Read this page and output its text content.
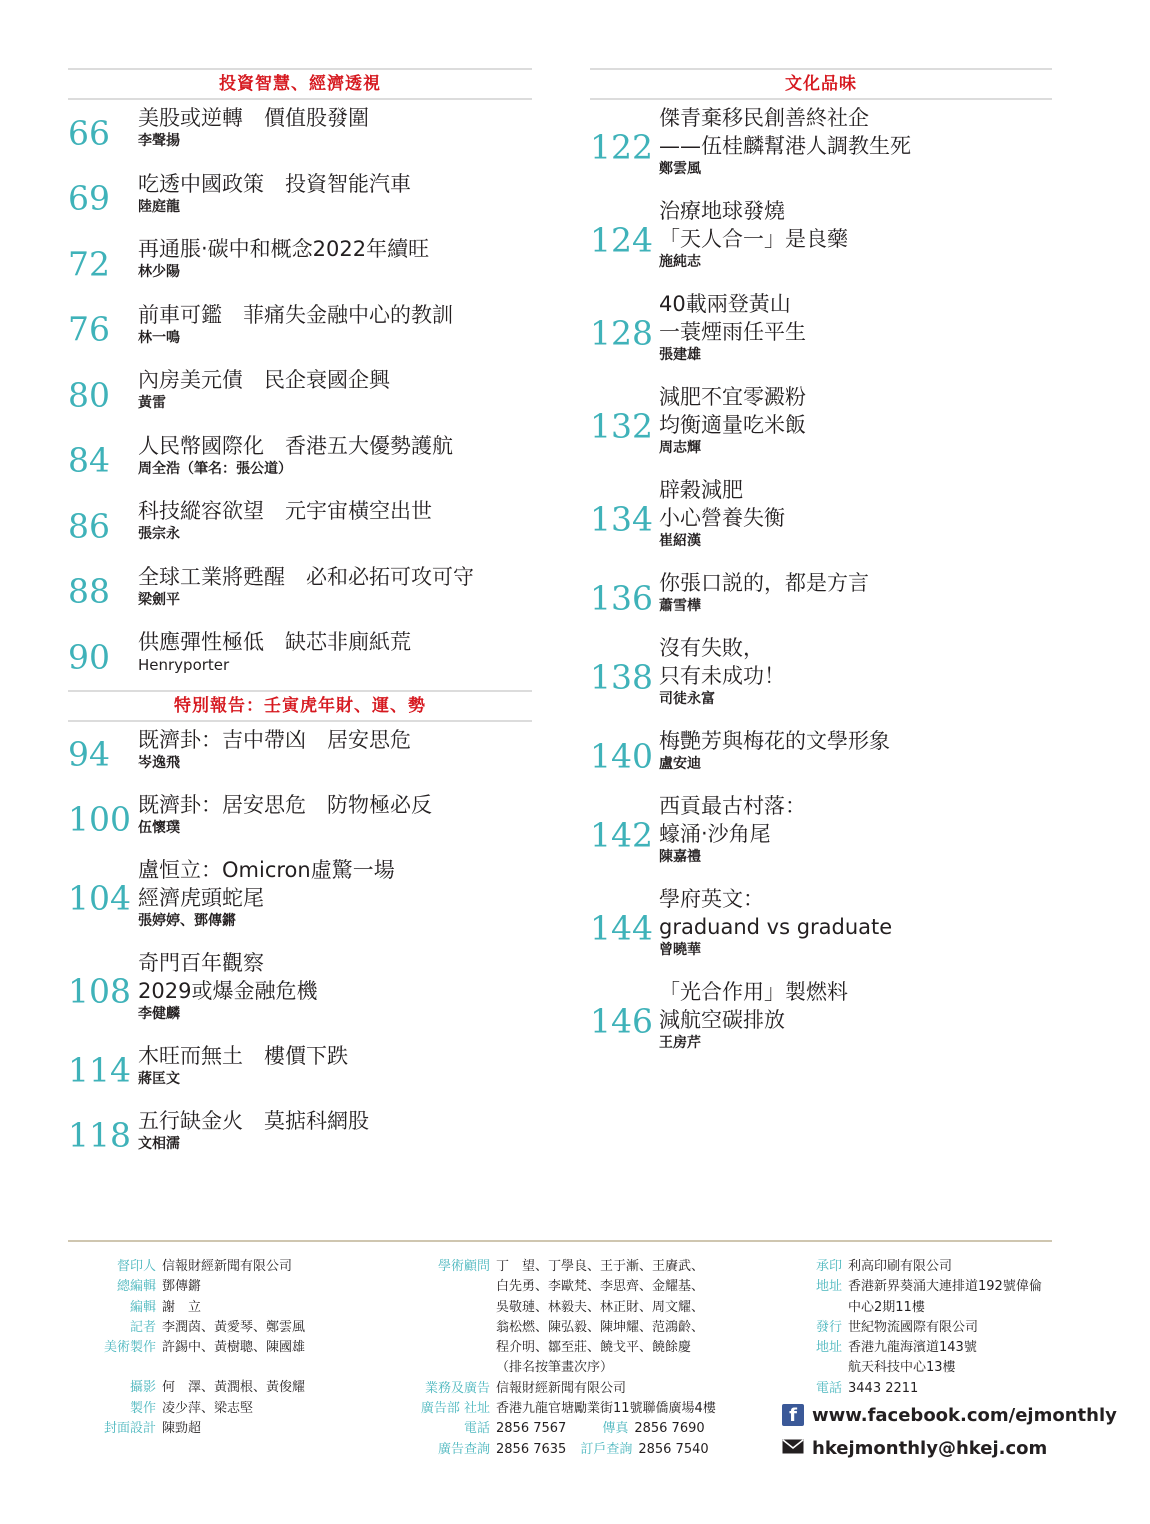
投資智慧、經濟透視
66 美股或逆轉　價值股發圍
李聲揚
69 吃透中國政策　投資智能汽車
陸庭龍
72 再通脹‧碳中和概念2022年續旺
林少陽
76 前車可鑑　菲痛失金融中心的教訓
林一鳴
80 內房美元債　民企衰國企興
黃雷
84 人民幣國際化　香港五大優勢護航
周全浩（筆名：張公道）
86 科技縱容欲望　元宇宙橫空出世
張宗永
88 全球工業將甦醒　必和必拓可攻可守
梁劍平
90 供應彈性極低　缺芯非廁紙荒
Henryporter
特別報告：壬寅虎年財、運、勢
94 既濟卦：吉中帶凶　居安思危
岑逸飛
100 既濟卦：居安思危　防物極必反
伍懷璞
104
盧恒立：Omicron虛驚一場
經濟虎頭蛇尾
張婷婷、鄧傳鏘
108
奇門百年觀察
2029或爆金融危機
李健麟
114 木旺而無土　樓價下跌
蔣匡文
118 五行缺金火　莫掂科網股
文相濡
文化品味
122
傑青棄移民創善終社企
——伍桂麟幫港人調教生死
鄭雲風
124
治療地球發燒
「天人合一」是良藥
施純志
128
40載兩登黃山
一蓑煙雨任平生
張建雄
132
減肥不宜零澱粉
均衡適量吃米飯
周志輝
134
辟穀減肥
小心營養失衡
崔紹漢
136 你張口説的，都是方言
蕭雪樺
138
沒有失敗，
只有未成功！
司徒永富
140 梅艷芳與梅花的文學形象
盧安迪
142
西貢最古村落：
蠔涌‧沙角尾
陳嘉禮
144
學府英文：
graduand vs graduate
曾曉華
146
「光合作用」製燃料
減航空碳排放
王房芹
督印人 信報財經新聞有限公司
總編輯 鄧傳鏘
編輯 謝　立
記者 李潤茵、黃愛琴、鄭雲風
美術製作 許錫中、黃樹聰、陳國雄
攝影 何　澤、黃潤根、黃俊耀
製作 凌少萍、梁志堅
封面設計 陳勁超
學術顧問 丁　望、丁學良、王于漸、王賡武、
白先勇、李歐梵、李思齊、金耀基、
吳敬璉、林毅夫、林正財、周文耀、
翁松燃、陳弘毅、陳坤耀、范鴻齡、
程介明、鄒至莊、饒戈平、饒餘慶
（排名按筆畫次序）
業務及廣告 信報財經新聞有限公司
廣告部 社址 香港九龍官塘勵業街11號聯僑廣場4樓
電話 2856 7567	傳真 2856 7690
廣告查詢 2856 7635 訂戶查詢 2856 7540
承印 利高印刷有限公司
地址 香港新界葵涌大連排道192號偉倫
中心2期11樓
發行 世紀物流國際有限公司
地址 香港九龍海濱道143號
航天科技中心13樓
電話 3443 2211
f www.facebook.com/ejmonthly
hkejmonthly@hkej.com
